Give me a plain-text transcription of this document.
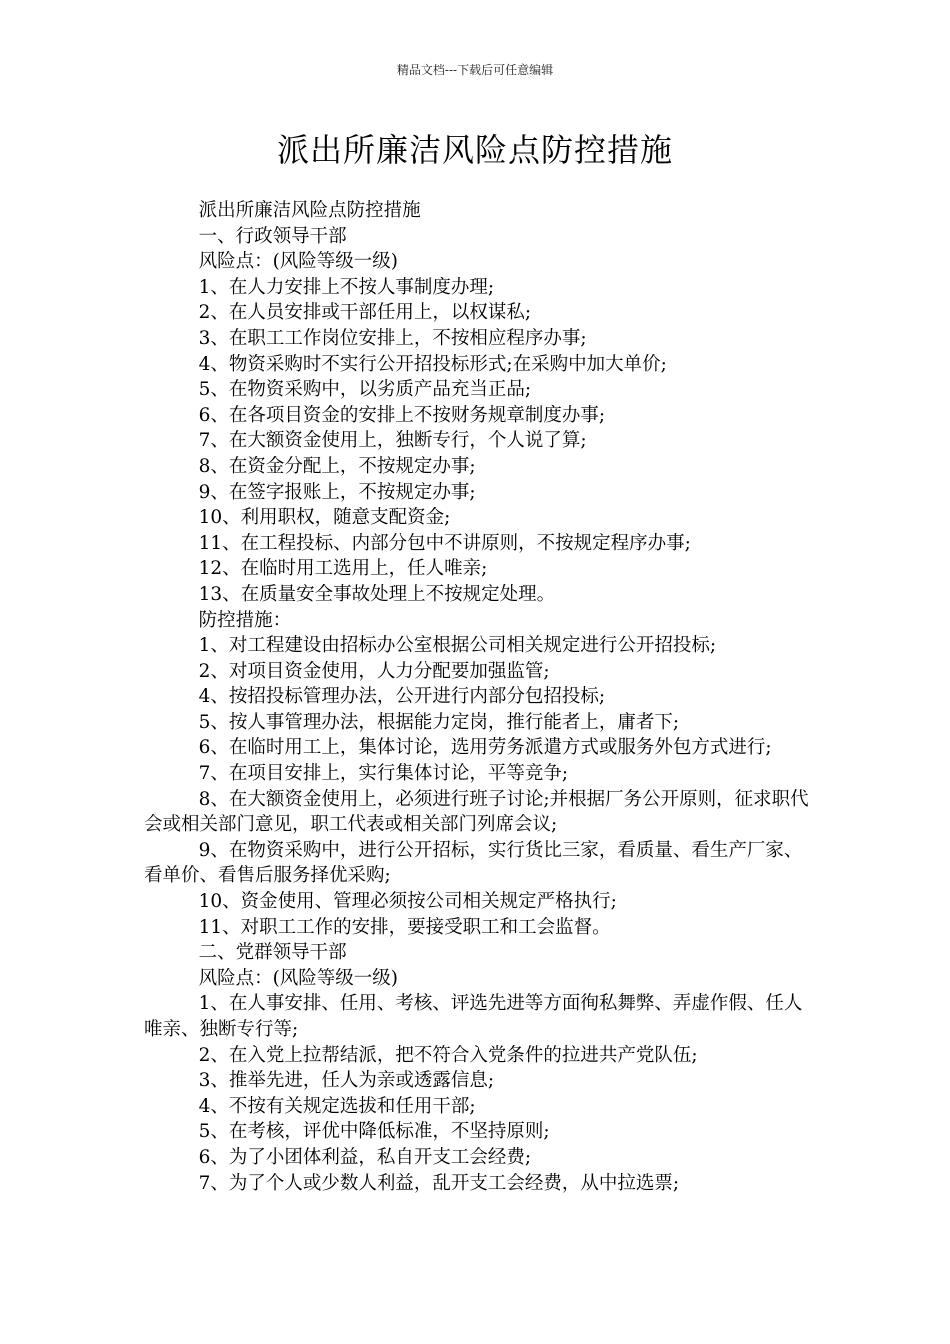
精品文档---下载后可任意编辑
派出所廉洁风险点防控措施

派出所廉洁风险点防控措施

一、行政领导干部

风险点：(风险等级一级)

1、在人力安排上不按人事制度办理;

2、在人员安排或干部任用上，以权谋私;

3、在职工工作岗位安排上，不按相应程序办事;

4、物资采购时不实行公开招投标形式;在采购中加大单价;

5、在物资采购中，以劣质产品充当正品;

6、在各项目资金的安排上不按财务规章制度办事;

7、在大额资金使用上，独断专行，个人说了算;

8、在资金分配上，不按规定办事;

9、在签字报账上，不按规定办事;

10、利用职权，随意支配资金;

11、在工程投标、内部分包中不讲原则，不按规定程序办事;

12、在临时用工选用上，任人唯亲;

13、在质量安全事故处理上不按规定处理。

防控措施：

1、对工程建设由招标办公室根据公司相关规定进行公开招投标;

2、对项目资金使用，人力分配要加强监管;

4、按招投标管理办法，公开进行内部分包招投标;

5、按人事管理办法，根据能力定岗，推行能者上，庸者下;

6、在临时用工上，集体讨论，选用劳务派遣方式或服务外包方式进行;

7、在项目安排上，实行集体讨论，平等竞争;

8、在大额资金使用上，必须进行班子讨论;并根据厂务公开原则，征求职代会或相关部门意见，职工代表或相关部门列席会议;

9、在物资采购中，进行公开招标，实行货比三家，看质量、看生产厂家、看单价、看售后服务择优采购;

10、资金使用、管理必须按公司相关规定严格执行;

11、对职工工作的安排，要接受职工和工会监督。

二、党群领导干部

风险点：(风险等级一级)

1、在人事安排、任用、考核、评选先进等方面徇私舞弊、弄虚作假、任人唯亲、独断专行等;

2、在入党上拉帮结派，把不符合入党条件的拉进共产党队伍;

3、推举先进，任人为亲或透露信息;

4、不按有关规定选拔和任用干部;

5、在考核，评优中降低标准，不坚持原则;

6、为了小团体利益，私自开支工会经费;

7、为了个人或少数人利益，乱开支工会经费，从中拉选票;
